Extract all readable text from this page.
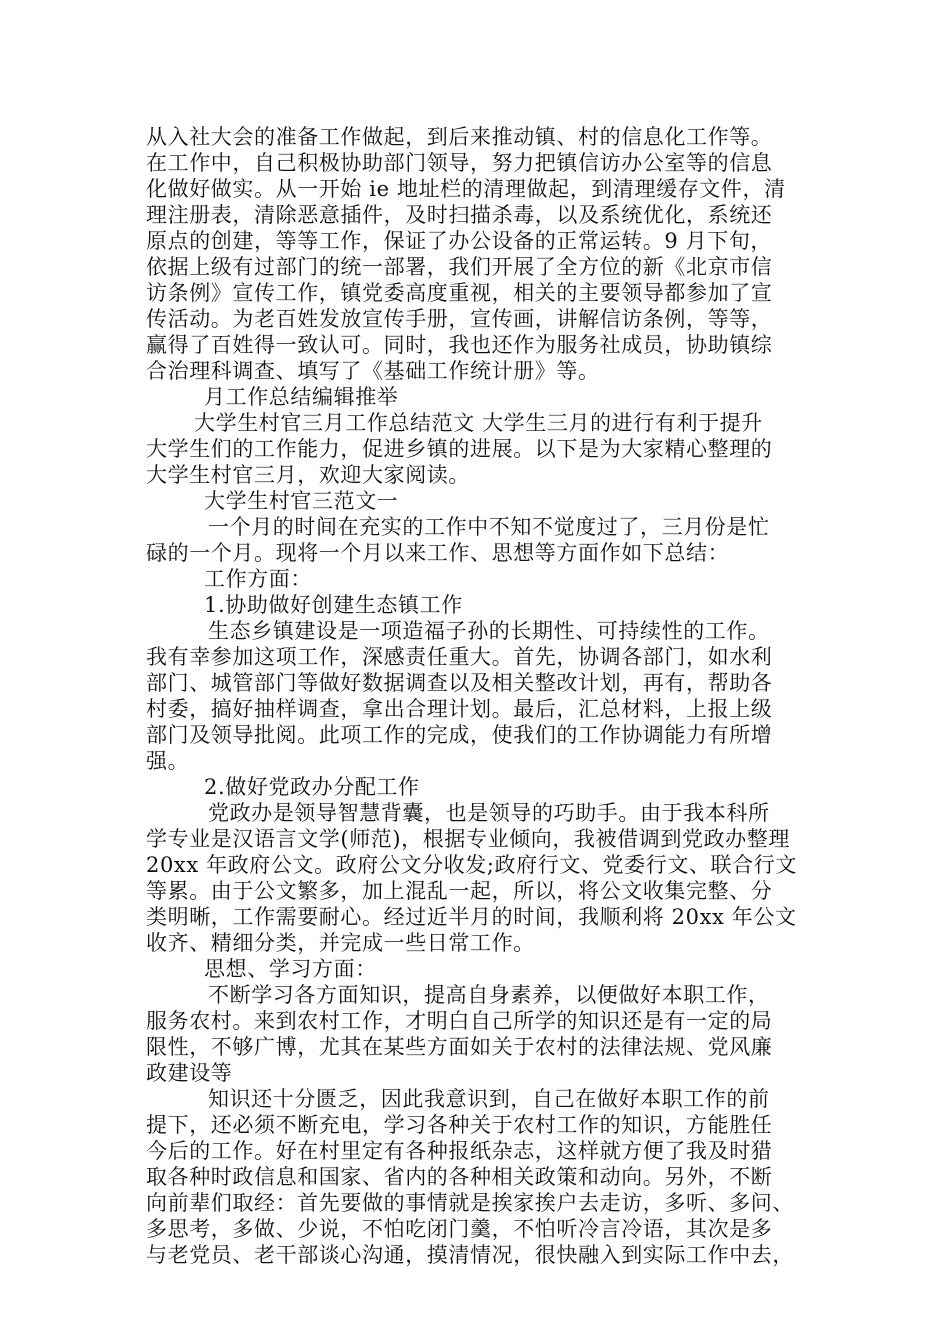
从入社大会的准备工作做起，到后来推动镇、村的信息化工作等。
在工作中，自己积极协助部门领导，努力把镇信访办公室等的信息
化做好做实。从一开始 ie 地址栏的清理做起，到清理缓存文件，清
理注册表，清除恶意插件，及时扫描杀毒，以及系统优化，系统还
原点的创建，等等工作，保证了办公设备的正常运转。9 月下旬，
依据上级有过部门的统一部署，我们开展了全方位的新《北京市信
访条例》宣传工作，镇党委高度重视，相关的主要领导都参加了宣
传活动。为老百姓发放宣传手册，宣传画，讲解信访条例，等等，
赢得了百姓得一致认可。同时，我也还作为服务社成员，协助镇综
合治理科调查、填写了《基础工作统计册》等。
月工作总结编辑推举
大学生村官三月工作总结范文 大学生三月的进行有利于提升
大学生们的工作能力，促进乡镇的进展。以下是为大家精心整理的
大学生村官三月，欢迎大家阅读。
大学生村官三范文一
一个月的时间在充实的工作中不知不觉度过了，三月份是忙
碌的一个月。现将一个月以来工作、思想等方面作如下总结：
工作方面：
1.协助做好创建生态镇工作
生态乡镇建设是一项造福子孙的长期性、可持续性的工作。
我有幸参加这项工作，深感责任重大。首先，协调各部门，如水利
部门、城管部门等做好数据调查以及相关整改计划，再有，帮助各
村委，搞好抽样调查，拿出合理计划。最后，汇总材料，上报上级
部门及领导批阅。此项工作的完成，使我们的工作协调能力有所增
强。
2.做好党政办分配工作
党政办是领导智慧背囊，也是领导的巧助手。由于我本科所
学专业是汉语言文学(师范)，根据专业倾向，我被借调到党政办整理
20xx 年政府公文。政府公文分收发;政府行文、党委行文、联合行文
等累。由于公文繁多，加上混乱一起，所以，将公文收集完整、分
类明晰，工作需要耐心。经过近半月的时间，我顺利将 20xx 年公文
收齐、精细分类，并完成一些日常工作。
思想、学习方面：
不断学习各方面知识，提高自身素养，以便做好本职工作，
服务农村。来到农村工作，才明白自己所学的知识还是有一定的局
限性，不够广博，尤其在某些方面如关于农村的法律法规、党风廉
政建设等
知识还十分匮乏，因此我意识到，自己在做好本职工作的前
提下，还必须不断充电，学习各种关于农村工作的知识，方能胜任
今后的工作。好在村里定有各种报纸杂志，这样就方便了我及时猎
取各种时政信息和国家、省内的各种相关政策和动向。另外，不断
向前辈们取经：首先要做的事情就是挨家挨户去走访，多听、多问、
多思考，多做、少说，不怕吃闭门羹，不怕听冷言冷语，其次是多
与老党员、老干部谈心沟通，摸清情况，很快融入到实际工作中去，
